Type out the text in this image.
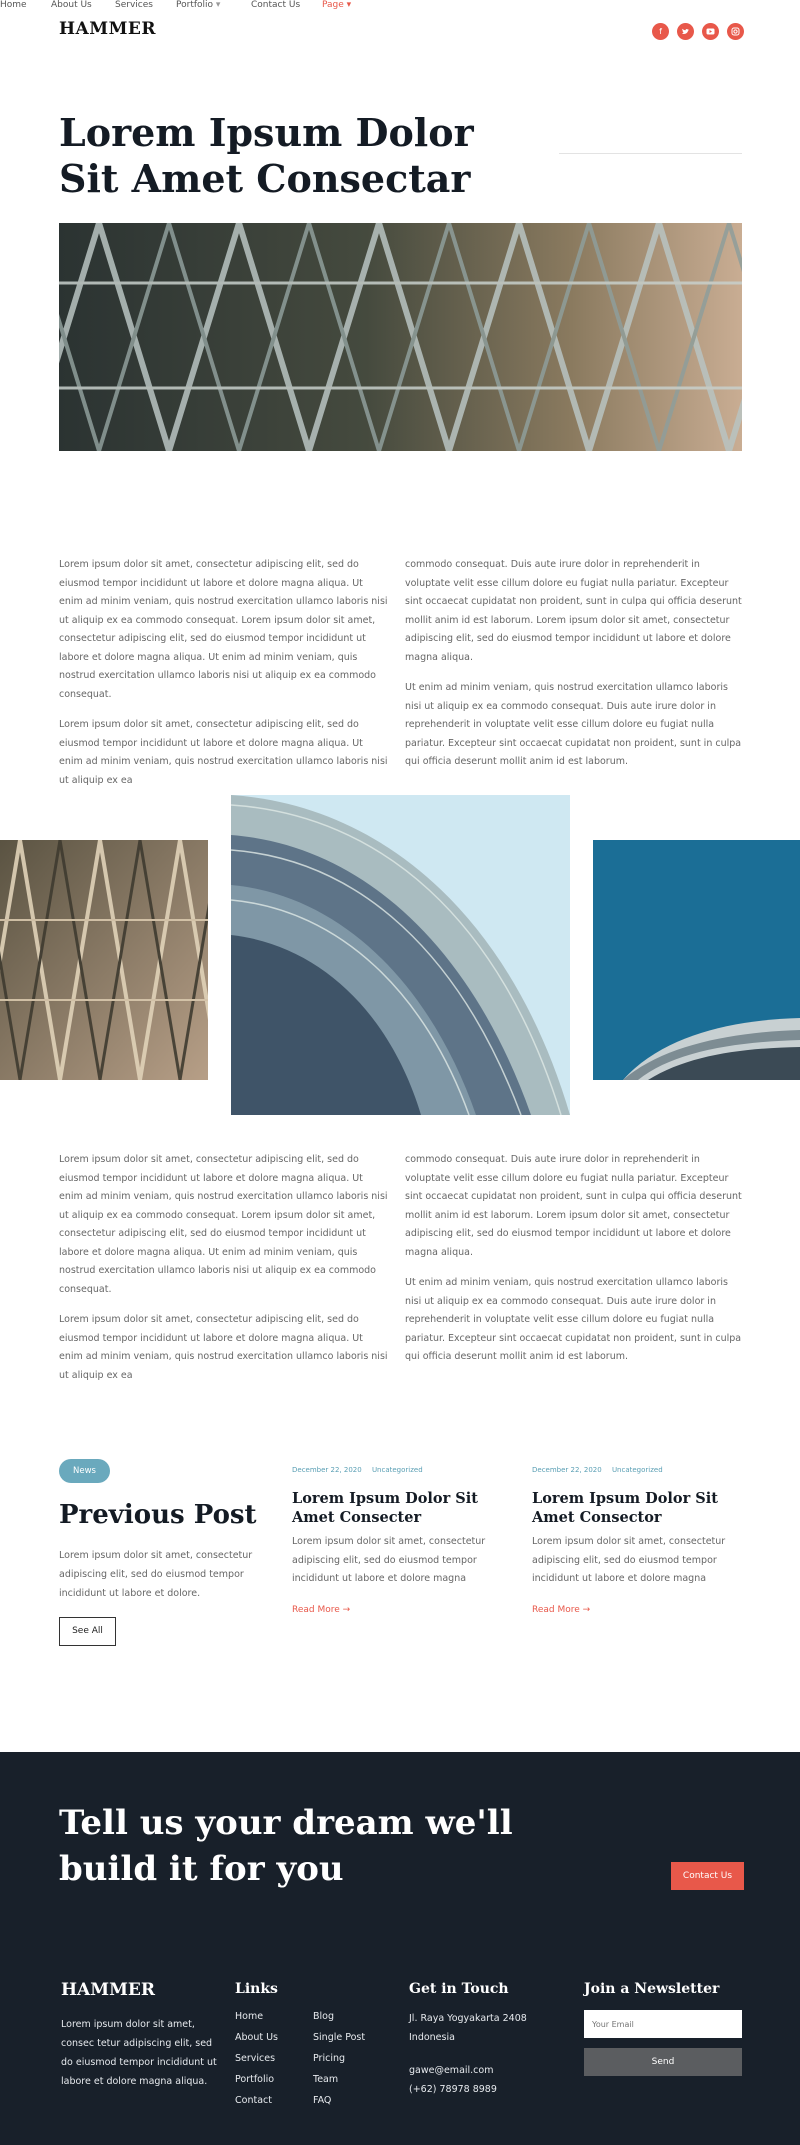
HAMMER
Home	About Us	Services	Portfolio ▾	Contact Us Page ▾
f
Lorem Ipsum Dolor
Sit Amet Consectar

Lorem ipsum dolor sit amet, consectetur adipiscing elit, sed do eiusmod tempor incididunt ut labore et dolore magna aliqua. Ut enim ad minim veniam, quis nostrud exercitation ullamco laboris nisi ut aliquip ex ea commodo consequat. Lorem ipsum dolor sit amet, consectetur adipiscing elit, sed do eiusmod tempor incididunt ut labore et dolore magna aliqua. Ut enim ad minim veniam, quis nostrud exercitation ullamco laboris nisi ut aliquip ex ea commodo consequat.

Lorem ipsum dolor sit amet, consectetur adipiscing elit, sed do eiusmod tempor incididunt ut labore et dolore magna aliqua. Ut enim ad minim veniam, quis nostrud exercitation ullamco laboris nisi ut aliquip ex ea

commodo consequat. Duis aute irure dolor in reprehenderit in voluptate velit esse cillum dolore eu fugiat nulla pariatur. Excepteur sint occaecat cupidatat non proident, sunt in culpa qui officia deserunt mollit anim id est laborum. Lorem ipsum dolor sit amet, consectetur adipiscing elit, sed do eiusmod tempor incididunt ut labore et dolore magna aliqua.

Ut enim ad minim veniam, quis nostrud exercitation ullamco laboris nisi ut aliquip ex ea commodo consequat. Duis aute irure dolor in reprehenderit in voluptate velit esse cillum dolore eu fugiat nulla pariatur. Excepteur sint occaecat cupidatat non proident, sunt in culpa qui officia deserunt mollit anim id est laborum.

Lorem ipsum dolor sit amet, consectetur adipiscing elit, sed do eiusmod tempor incididunt ut labore et dolore magna aliqua. Ut enim ad minim veniam, quis nostrud exercitation ullamco laboris nisi ut aliquip ex ea commodo consequat. Lorem ipsum dolor sit amet, consectetur adipiscing elit, sed do eiusmod tempor incididunt ut labore et dolore magna aliqua. Ut enim ad minim veniam, quis nostrud exercitation ullamco laboris nisi ut aliquip ex ea commodo consequat.

Lorem ipsum dolor sit amet, consectetur adipiscing elit, sed do eiusmod tempor incididunt ut labore et dolore magna aliqua. Ut enim ad minim veniam, quis nostrud exercitation ullamco laboris nisi ut aliquip ex ea

commodo consequat. Duis aute irure dolor in reprehenderit in voluptate velit esse cillum dolore eu fugiat nulla pariatur. Excepteur sint occaecat cupidatat non proident, sunt in culpa qui officia deserunt mollit anim id est laborum. Lorem ipsum dolor sit amet, consectetur adipiscing elit, sed do eiusmod tempor incididunt ut labore et dolore magna aliqua.

Ut enim ad minim veniam, quis nostrud exercitation ullamco laboris nisi ut aliquip ex ea commodo consequat. Duis aute irure dolor in reprehenderit in voluptate velit esse cillum dolore eu fugiat nulla pariatur. Excepteur sint occaecat cupidatat non proident, sunt in culpa qui officia deserunt mollit anim id est laborum.

News
Previous Post
Lorem ipsum dolor sit amet, consectetur adipiscing elit, sed do eiusmod tempor incididunt ut labore et dolore.
See All
December 22, 2020 Uncategorized
Lorem Ipsum Dolor Sit Amet Consecter
Lorem ipsum dolor sit amet, consectetur adipiscing elit, sed do eiusmod tempor incididunt ut labore et dolore magna
Read More →
December 22, 2020 Uncategorized
Lorem Ipsum Dolor Sit Amet Consector
Lorem ipsum dolor sit amet, consectetur adipiscing elit, sed do eiusmod tempor incididunt ut labore et dolore magna
Read More →
Tell us your dream we'll
build it for you	Contact Us
HAMMER
Lorem ipsum dolor sit amet, consec tetur adipiscing elit, sed do eiusmod tempor incididunt ut labore et dolore magna aliqua.
Links
Home
About Us
Services
Portfolio
Contact
Blog
Single Post
Pricing
Team
FAQ
Get in Touch
Jl. Raya Yogyakarta 2408
Indonesia
gawe@email.com
(+62) 78978 8989
Join a Newsletter
Your Email
Send
